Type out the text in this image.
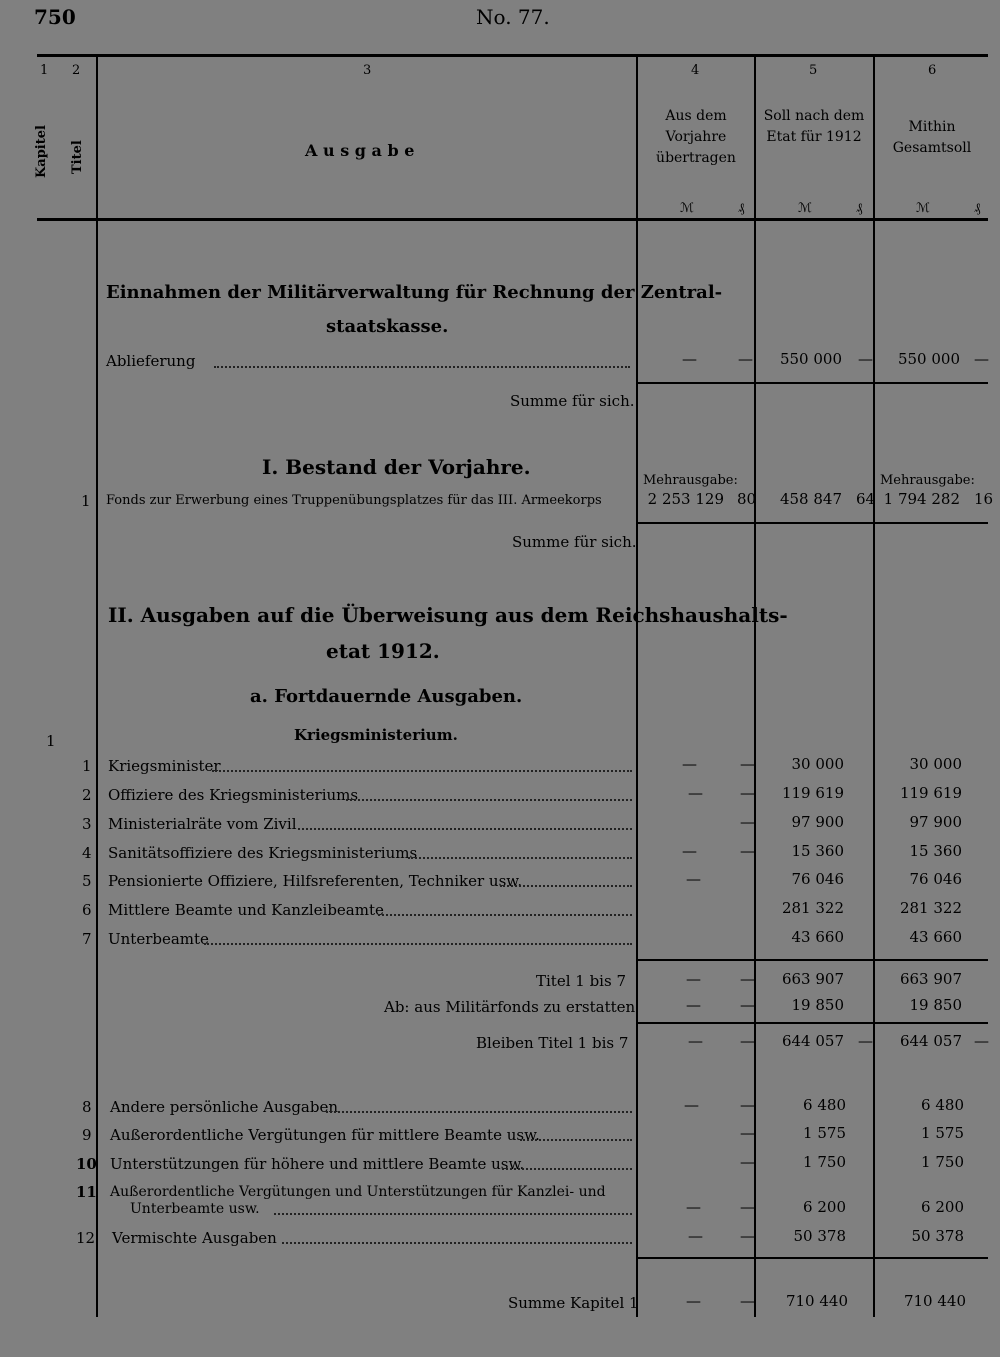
750	No. 77.
1 2	3	4	5	6
Kapitel Titel	A u s g a b e
Aus dem Vorjahre übertragen
Soll nach dem Etat für 1912
Mithin Gesamtsoll
ℳ	₰	ℳ	₰	ℳ	₰
Einnahmen der Militärverwaltung für Rechnung der Zentral-
staatskasse.
Ablieferung	—	—	550 000 —	550 000 —
Summe für sich.
I. Bestand der Vorjahre.
Mehrausgabe:	Mehrausgabe:
1 Fonds zur Erwerbung eines Truppenübungsplatzes für das III. Armeekorps	2 253 129 80	458 847 64 1 794 282 16
Summe für sich.
II. Ausgaben auf die Überweisung aus dem Reichshaushalts-
etat 1912.
a. Fortdauernde Ausgaben.
Kriegsministerium.
1
1 Kriegsminister	—	—	30 000	30 000
2 Offiziere des Kriegsministeriums	— —	119 619	119 619
3 Ministerialräte vom Zivil	—	97 900	97 900
4 Sanitätsoffiziere des Kriegsministeriums	—	—	15 360	15 360
5 Pensionierte Offiziere, Hilfsreferenten, Techniker usw.	—	76 046	76 046
6 Mittlere Beamte und Kanzleibeamte	281 322	281 322
7 Unterbeamte	43 660	43 660
Titel 1 bis 7	—	—	663 907	663 907
Ab: aus Militärfonds zu erstatten	—	—	19 850	19 850
Bleiben Titel 1 bis 7	— —	644 057 —	644 057 —
8 Andere persönliche Ausgaben	—	—	6 480	6 480
9 Außerordentliche Vergütungen für mittlere Beamte usw.	—	1 575	1 575
10 Unterstützungen für höhere und mittlere Beamte usw.	—	1 750	1 750
11 Außerordentliche Vergütungen und Unterstützungen für Kanzlei- und
Unterbeamte usw.	—	—	6 200	6 200
12 Vermischte Ausgaben	— —	50 378	50 378
Summe Kapitel 1	—	—	710 440	710 440
